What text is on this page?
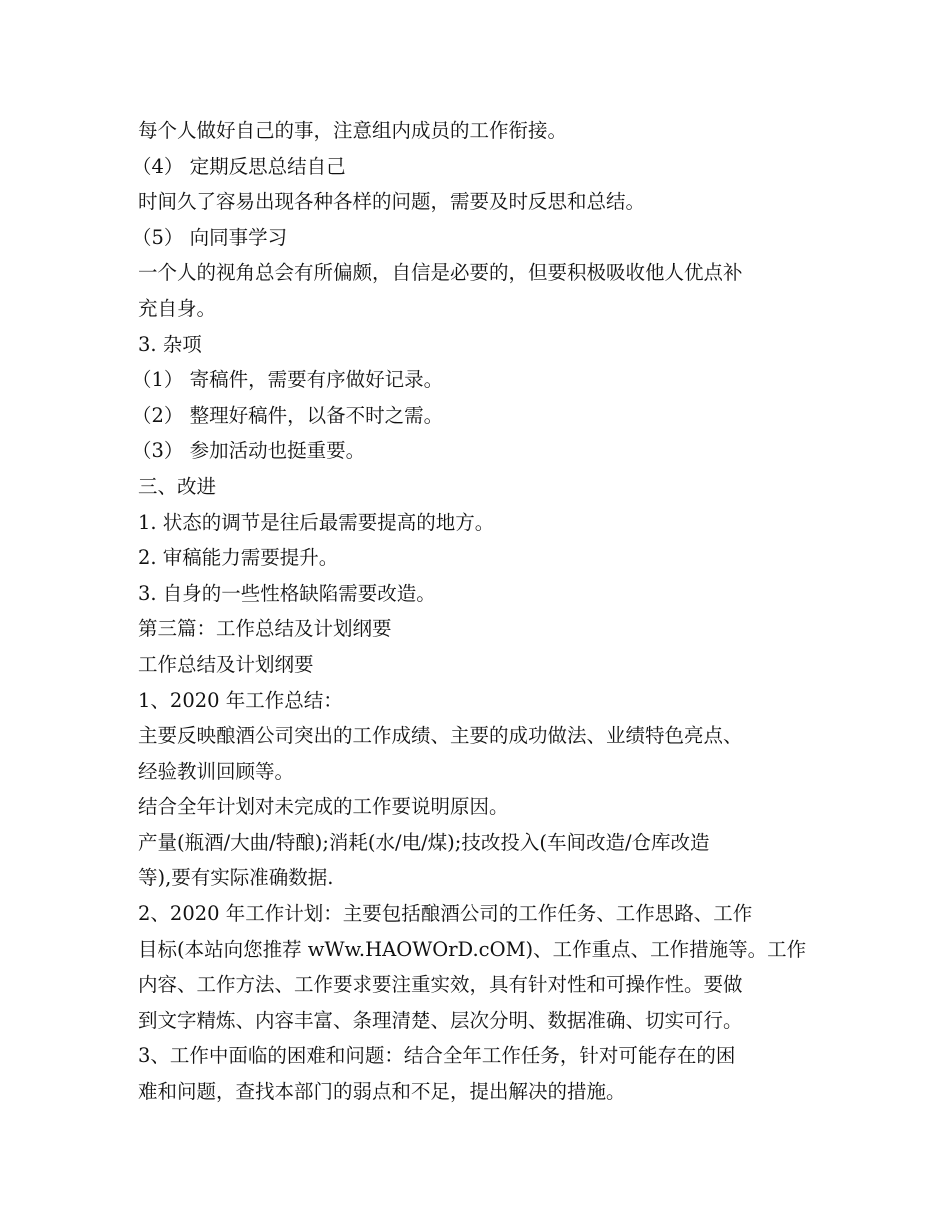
每个人做好自己的事，注意组内成员的工作衔接。

（4） 定期反思总结自己

时间久了容易出现各种各样的问题，需要及时反思和总结。

（5） 向同事学习

一个人的视角总会有所偏颇，自信是必要的，但要积极吸收他人优点补

充自身。

3. 杂项

（1） 寄稿件，需要有序做好记录。

（2） 整理好稿件，以备不时之需。

（3） 参加活动也挺重要。

三、改进

1. 状态的调节是往后最需要提高的地方。

2. 审稿能力需要提升。

3. 自身的一些性格缺陷需要改造。

第三篇：工作总结及计划纲要

工作总结及计划纲要

1、2020 年工作总结：

主要反映酿酒公司突出的工作成绩、主要的成功做法、业绩特色亮点、

经验教训回顾等。

结合全年计划对未完成的工作要说明原因。

产量(瓶酒/大曲/特酿);消耗(水/电/煤);技改投入(车间改造/仓库改造

等),要有实际准确数据.

2、2020 年工作计划：主要包括酿酒公司的工作任务、工作思路、工作

目标(本站向您推荐 wWw.HAOWOrD.cOM)、工作重点、工作措施等。工作

内容、工作方法、工作要求要注重实效，具有针对性和可操作性。要做

到文字精炼、内容丰富、条理清楚、层次分明、数据准确、切实可行。

3、工作中面临的困难和问题：结合全年工作任务，针对可能存在的困

难和问题，查找本部门的弱点和不足，提出解决的措施。
